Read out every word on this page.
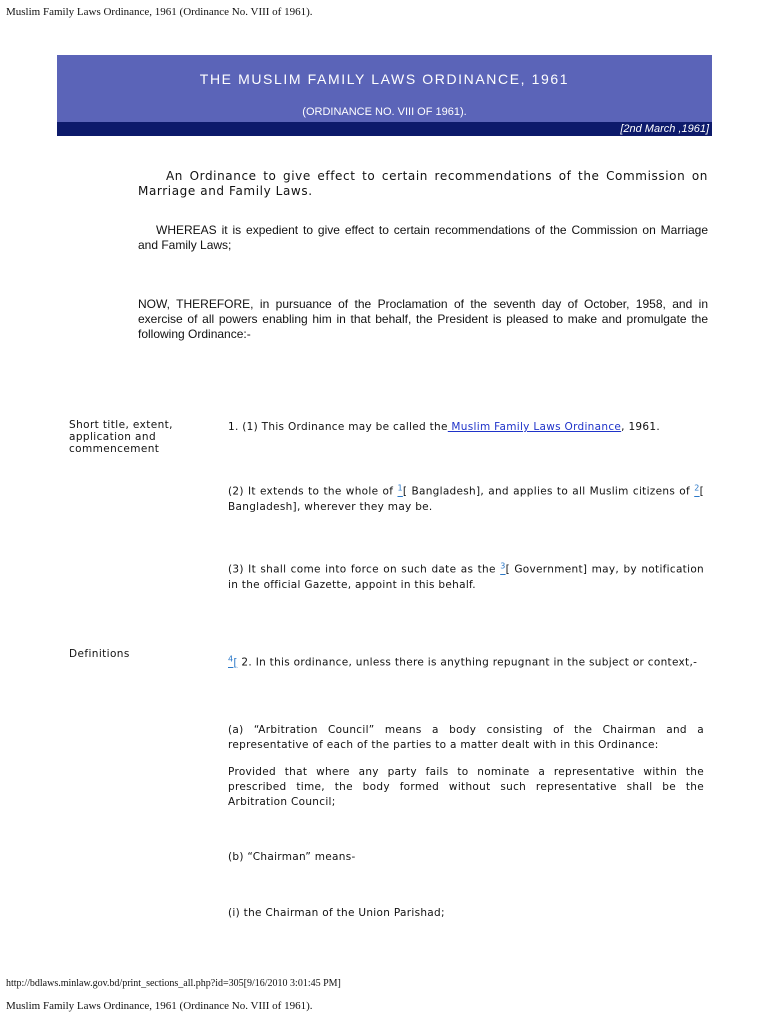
Muslim Family Laws Ordinance, 1961 (Ordinance No. VIII of 1961).
THE MUSLIM FAMILY LAWS ORDINANCE, 1961
(ORDINANCE NO. VIII OF 1961).
[2nd March ,1961]
An Ordinance to give effect to certain recommendations of the Commission on Marriage and Family Laws.
WHEREAS it is expedient to give effect to certain recommendations of the Commission on Marriage and Family Laws;
NOW, THEREFORE, in pursuance of the Proclamation of the seventh day of October, 1958, and in exercise of all powers enabling him in that behalf, the President is pleased to make and promulgate the following Ordinance:-
Short title, extent, application and commencement
1. (1) This Ordinance may be called the Muslim Family Laws Ordinance, 1961.
(2) It extends to the whole of $^1$[ Bangladesh], and applies to all Muslim citizens of $^2$[ Bangladesh], wherever they may be.
(3) It shall come into force on such date as the $^3$[ Government] may, by notification in the official Gazette, appoint in this behalf.
Definitions	$^4$[ 2. In this ordinance, unless there is anything repugnant in the subject or context,-
(a) “Arbitration Council” means a body consisting of the Chairman and a representative of each of the parties to a matter dealt with in this Ordinance:
Provided that where any party fails to nominate a representative within the prescribed time, the body formed without such representative shall be the Arbitration Council;
(b) “Chairman” means-
(i) the Chairman of the Union Parishad;
http://bdlaws.minlaw.gov.bd/print_sections_all.php?id=305[9/16/2010 3:01:45 PM]
Muslim Family Laws Ordinance, 1961 (Ordinance No. VIII of 1961).
